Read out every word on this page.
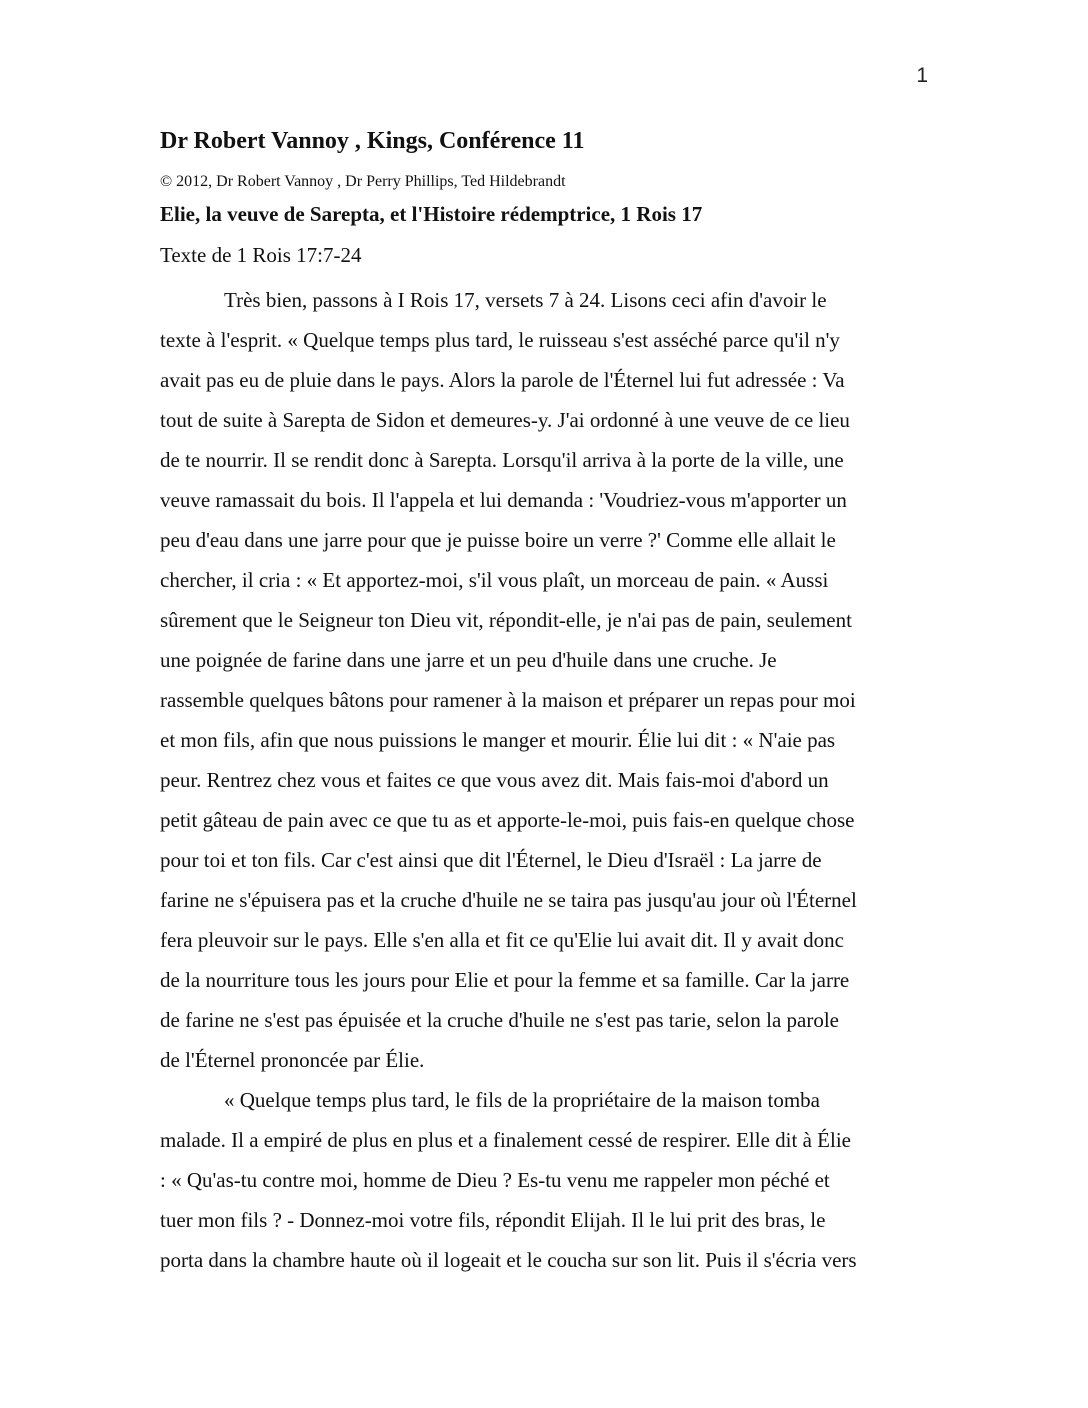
1
Dr Robert Vannoy , Kings, Conférence 11

© 2012, Dr Robert Vannoy , Dr Perry Phillips, Ted Hildebrandt

Elie, la veuve de Sarepta, et l'Histoire rédemptrice, 1 Rois 17

Texte de 1 Rois 17:7-24

Très bien, passons à I Rois 17, versets 7 à 24. Lisons ceci afin d'avoir le
texte à l'esprit. « Quelque temps plus tard, le ruisseau s'est asséché parce qu'il n'y
avait pas eu de pluie dans le pays. Alors la parole de l'Éternel lui fut adressée : Va
tout de suite à Sarepta de Sidon et demeures-y. J'ai ordonné à une veuve de ce lieu
de te nourrir. Il se rendit donc à Sarepta. Lorsqu'il arriva à la porte de la ville, une
veuve ramassait du bois. Il l'appela et lui demanda : 'Voudriez-vous m'apporter un
peu d'eau dans une jarre pour que je puisse boire un verre ?' Comme elle allait le
chercher, il cria : « Et apportez-moi, s'il vous plaît, un morceau de pain. « Aussi
sûrement que le Seigneur ton Dieu vit, répondit-elle, je n'ai pas de pain, seulement
une poignée de farine dans une jarre et un peu d'huile dans une cruche. Je
rassemble quelques bâtons pour ramener à la maison et préparer un repas pour moi
et mon fils, afin que nous puissions le manger et mourir. Élie lui dit : « N'aie pas
peur. Rentrez chez vous et faites ce que vous avez dit. Mais fais-moi d'abord un
petit gâteau de pain avec ce que tu as et apporte-le-moi, puis fais-en quelque chose
pour toi et ton fils. Car c'est ainsi que dit l'Éternel, le Dieu d'Israël : La jarre de
farine ne s'épuisera pas et la cruche d'huile ne se taira pas jusqu'au jour où l'Éternel
fera pleuvoir sur le pays. Elle s'en alla et fit ce qu'Elie lui avait dit. Il y avait donc
de la nourriture tous les jours pour Elie et pour la femme et sa famille. Car la jarre
de farine ne s'est pas épuisée et la cruche d'huile ne s'est pas tarie, selon la parole
de l'Éternel prononcée par Élie.
« Quelque temps plus tard, le fils de la propriétaire de la maison tomba
malade. Il a empiré de plus en plus et a finalement cessé de respirer. Elle dit à Élie
: « Qu'as-tu contre moi, homme de Dieu ? Es-tu venu me rappeler mon péché et
tuer mon fils ? - Donnez-moi votre fils, répondit Elijah. Il le lui prit des bras, le
porta dans la chambre haute où il logeait et le coucha sur son lit. Puis il s'écria vers
